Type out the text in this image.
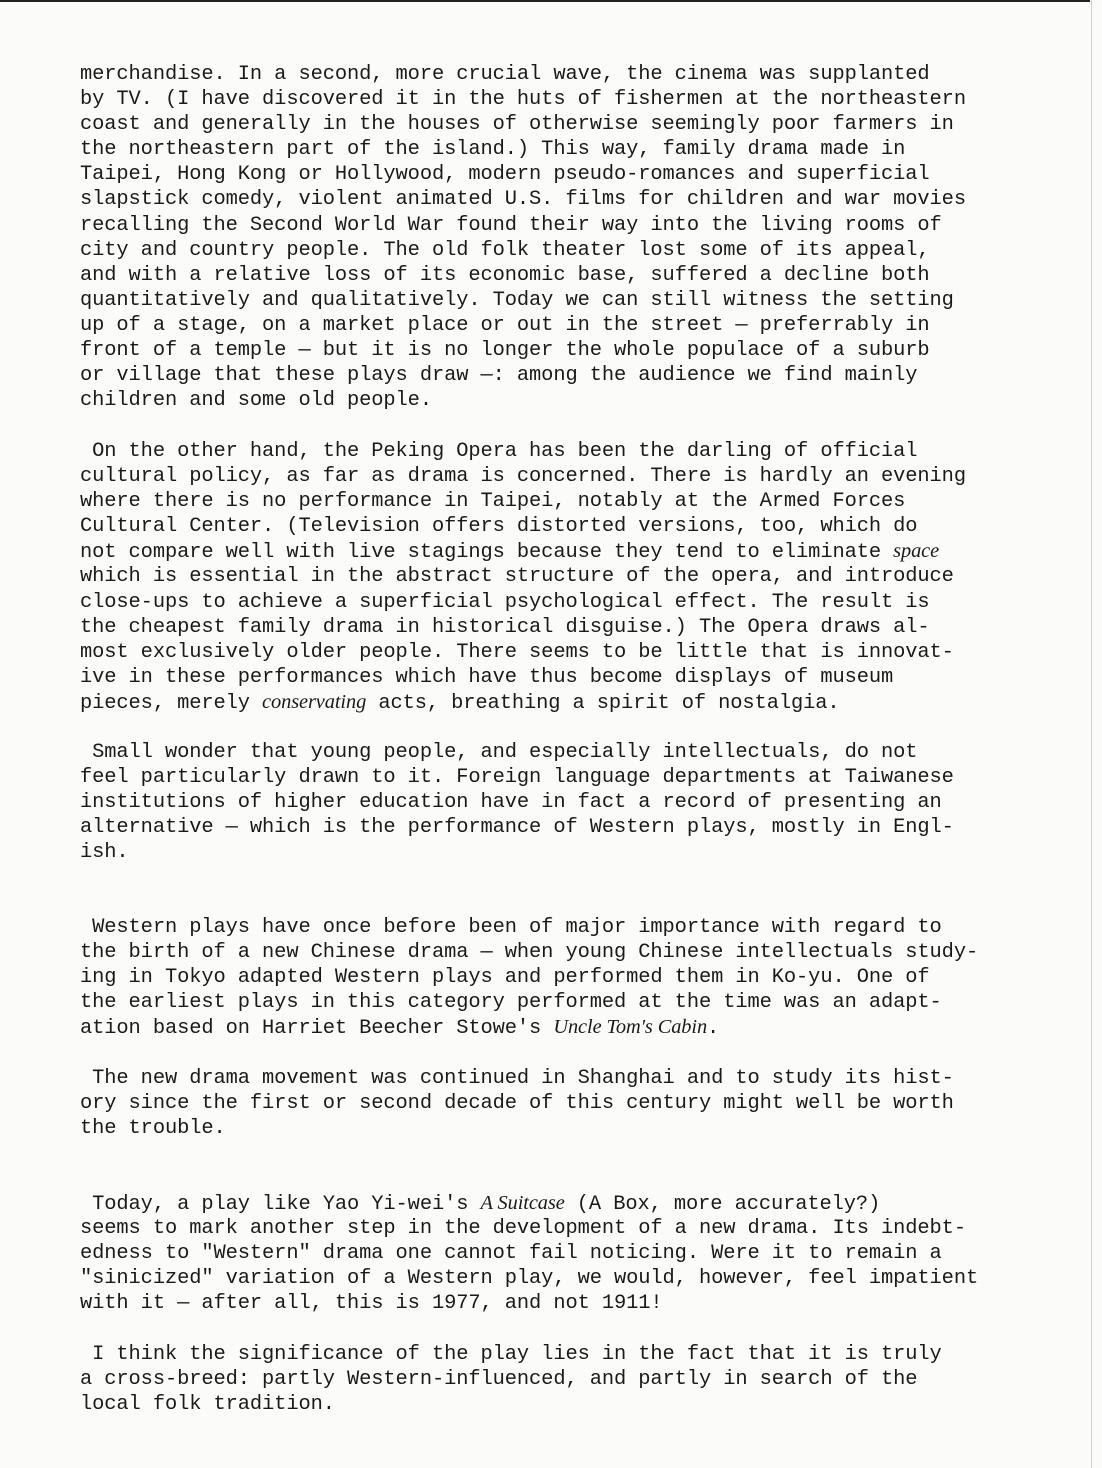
merchandise. In a second, more crucial wave, the cinema was supplanted
by TV. (I have discovered it in the huts of fishermen at the northeastern
coast and generally in the houses of otherwise seemingly poor farmers in
the northeastern part of the island.) This way, family drama made in
Taipei, Hong Kong or Hollywood, modern pseudo-romances and superficial
slapstick comedy, violent animated U.S. films for children and war movies
recalling the Second World War found their way into the living rooms of
city and country people. The old folk theater lost some of its appeal,
and with a relative loss of its economic base, suffered a decline both
quantitatively and qualitatively. Today we can still witness the setting
up of a stage, on a market place or out in the street — preferrably in
front of a temple — but it is no longer the whole populace of a suburb
or village that these plays draw —: among the audience we find mainly
children and some old people.
On the other hand, the Peking Opera has been the darling of official
cultural policy, as far as drama is concerned. There is hardly an evening
where there is no performance in Taipei, notably at the Armed Forces
Cultural Center. (Television offers distorted versions, too, which do
not compare well with live stagings because they tend to eliminate space
which is essential in the abstract structure of the opera, and introduce
close-ups to achieve a superficial psychological effect. The result is
the cheapest family drama in historical disguise.) The Opera draws al-
most exclusively older people. There seems to be little that is innovat-
ive in these performances which have thus become displays of museum
pieces, merely conservating acts, breathing a spirit of nostalgia.
Small wonder that young people, and especially intellectuals, do not
feel particularly drawn to it. Foreign language departments at Taiwanese
institutions of higher education have in fact a record of presenting an
alternative — which is the performance of Western plays, mostly in Engl-
ish.
Western plays have once before been of major importance with regard to
the birth of a new Chinese drama — when young Chinese intellectuals study-
ing in Tokyo adapted Western plays and performed them in Ko-yu. One of
the earliest plays in this category performed at the time was an adapt-
ation based on Harriet Beecher Stowe's Uncle Tom's Cabin.
The new drama movement was continued in Shanghai and to study its hist-
ory since the first or second decade of this century might well be worth
the trouble.
Today, a play like Yao Yi-wei's A Suitcase (A Box, more accurately?)
seems to mark another step in the development of a new drama. Its indebt-
edness to "Western" drama one cannot fail noticing. Were it to remain a
"sinicized" variation of a Western play, we would, however, feel impatient
with it — after all, this is 1977, and not 1911!
I think the significance of the play lies in the fact that it is truly
a cross-breed: partly Western-influenced, and partly in search of the
local folk tradition.
